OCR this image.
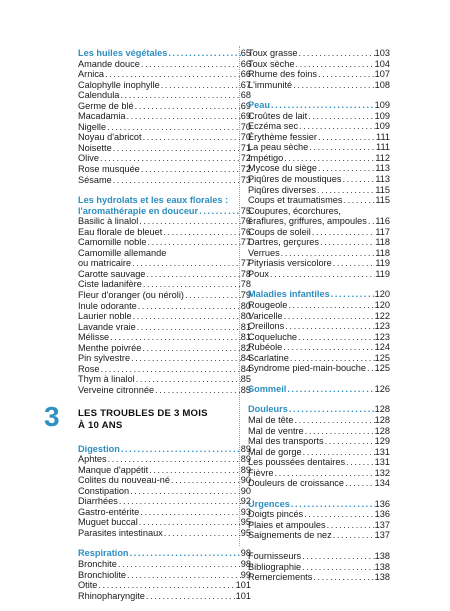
Les huiles végétales .....	65
Amande douce .....	66
Arnica .....	66
Calophylle inophylle .....	67
Calendula .....	68
Germe de blé .....	69
Macadamia .....	69
Nigelle .....	70
Noyau d'abricot .....	70
Noisette .....	71
Olive .....	72
Rose musquée .....	72
Sésame .....	73
Les hydrolats et les eaux florales :
l'aromathérapie en douceur .....	75
Basilic à linalol .....	76
Eau florale de bleuet .....	76
Camomille noble .....	77
Camomille allemande
ou matricaire .....	77
Carotte sauvage .....	78
Ciste ladanifère .....	78
Fleur d'oranger (ou néroli) .....	79
Inule odorante .....	80
Laurier noble .....	80
Lavande vraie .....	81
Mélisse .....	81
Menthe poivrée .....	82
Pin sylvestre .....	84
Rose .....	84
Thym à linalol .....	85
Verveine citronnée .....	85
3 LES TROUBLES DE 3 MOIS À 10 ANS
Digestion .....	89
Aphtes .....	89
Manque d'appétit .....	89
Colites du nouveau-né .....	90
Constipation .....	90
Diarrhées .....	92
Gastro-entérite .....	93
Muguet buccal .....	95
Parasites intestinaux .....	95
Respiration .....	98
Bronchite .....	98
Bronchiolite .....	99
Otite .....	101
Rhinopharyngite .....	101
Toux grasse .....	103
Toux sèche .....	104
Rhume des foins .....	107
L'immunité .....	108
Peau .....	109
Croûtes de lait .....	109
Eczéma sec .....	109
Érythème fessier .....	111
La peau sèche .....	111
Impétigo .....	112
Mycose du siège .....	113
Piqûres de moustiques .....	113
Piqûres diverses .....	115
Coups et traumatismes .....	115
Coupures, écorchures,
éraflures, griffures, ampoules ..... 116
Coups de soleil .....	117
Dartres, gerçures .....	118
Verrues .....	118
Pityriasis versicolore .....	119
Poux .....	119
Maladies infantiles .....	120
Rougeole .....	120
Varicelle .....	122
Oreillons .....	123
Coqueluche .....	123
Rubéole .....	124
Scarlatine .....	125
Syndrome pied-main-bouche ..... 125
Sommeil .....	126
Douleurs .....	128
Mal de tête .....	128
Mal de ventre .....	128
Mal des transports .....	129
Mal de gorge .....	131
Les poussées dentaires .....	131
Fièvre .....	132
Douleurs de croissance .....	134
Urgences .....	136
Doigts pincés .....	136
Plaies et ampoules .....	137
Saignements de nez .....	137
Fournisseurs .....	138
Bibliographie .....	138
Remerciements .....	138
